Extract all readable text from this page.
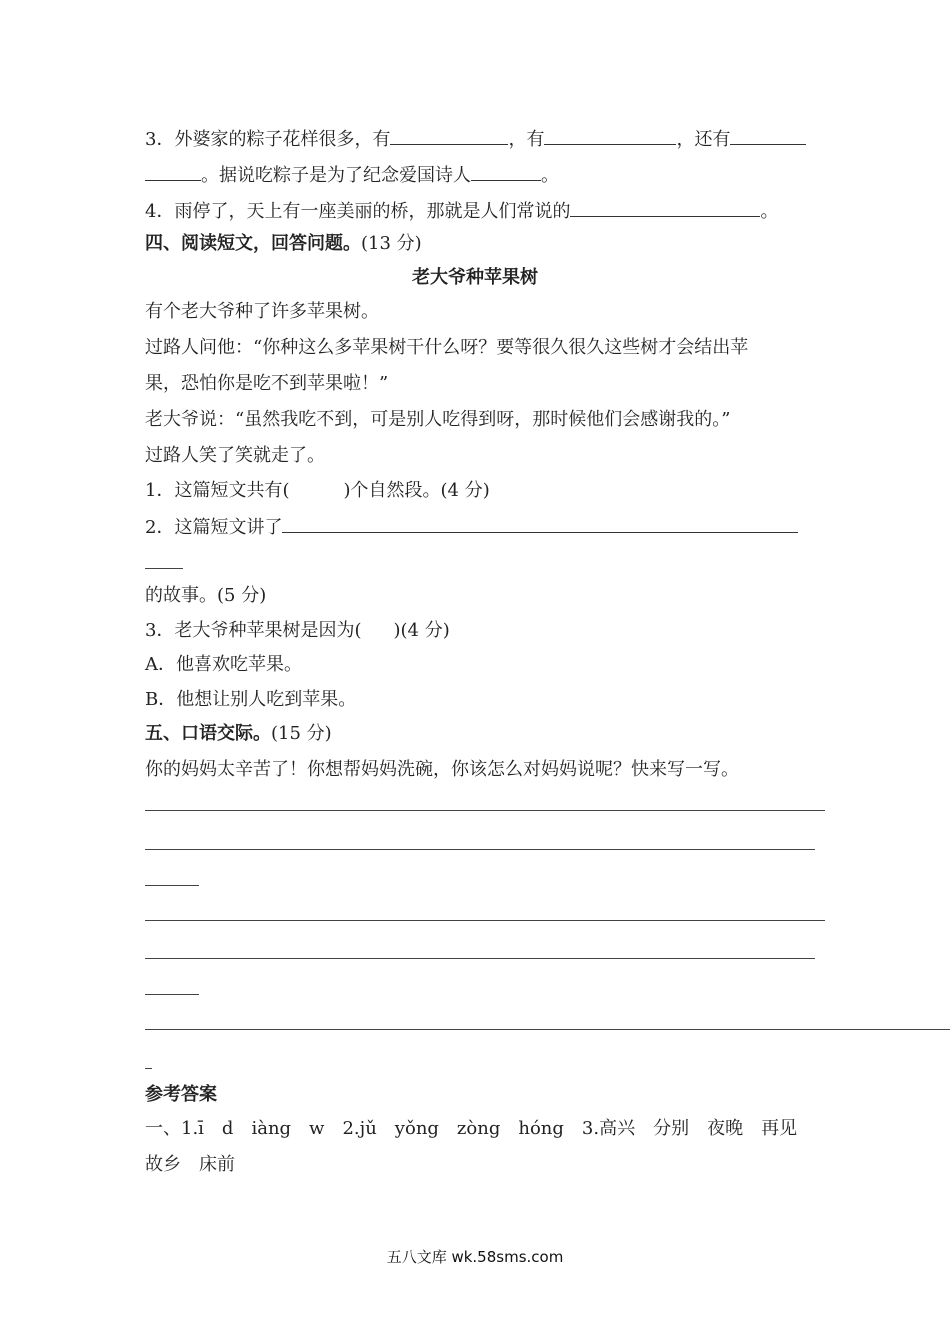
3．外婆家的粽子花样很多，有	，有	，还有
。据说吃粽子是为了纪念爱国诗人	。
4．雨停了，天上有一座美丽的桥，那就是人们常说的	。
四、阅读短文，回答问题。(13 分)
老大爷种苹果树
有个老大爷种了许多苹果树。
过路人问他：“你种这么多苹果树干什么呀？要等很久很久这些树才会结出苹
果，恐怕你是吃不到苹果啦！”
老大爷说：“虽然我吃不到，可是别人吃得到呀，那时候他们会感谢我的。”
过路人笑了笑就走了。
1．这篇短文共有(	)个自然段。(4 分)
2．这篇短文讲了
的故事。(5 分)
3．老大爷种苹果树是因为( )(4 分)
A．他喜欢吃苹果。
B．他想让别人吃到苹果。
五、口语交际。(15 分)
你的妈妈太辛苦了！你想帮妈妈洗碗，你该怎么对妈妈说呢？快来写一写。
参考答案
一、1.ī　d　iàng　w　2.jǔ　yǒng　zòng　hóng　3.高兴　分别　夜晚　再见
故乡　床前
五八文库 wk.58sms.com
